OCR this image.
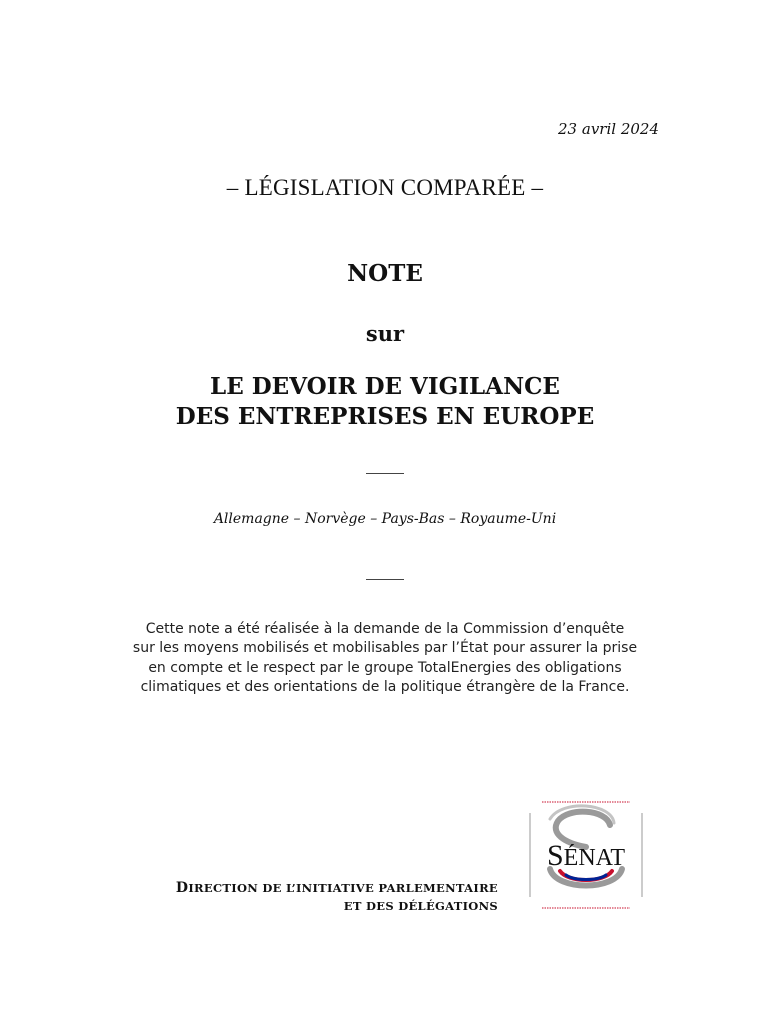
23 avril 2024
– LÉGISLATION COMPARÉE –
NOTE
sur
LE DEVOIR DE VIGILANCE
DES ENTREPRISES EN EUROPE
Allemagne – Norvège – Pays-Bas – Royaume-Uni
Cette note a été réalisée à la demande de la Commission d’enquête
sur les moyens mobilisés et mobilisables par l’État pour assurer la prise
en compte et le respect par le groupe TotalEnergies des obligations
climatiques et des orientations de la politique étrangère de la France.
DIRECTION DE L’INITIATIVE PARLEMENTAIRE
ET DES DÉLÉGATIONS
SÉNAT
